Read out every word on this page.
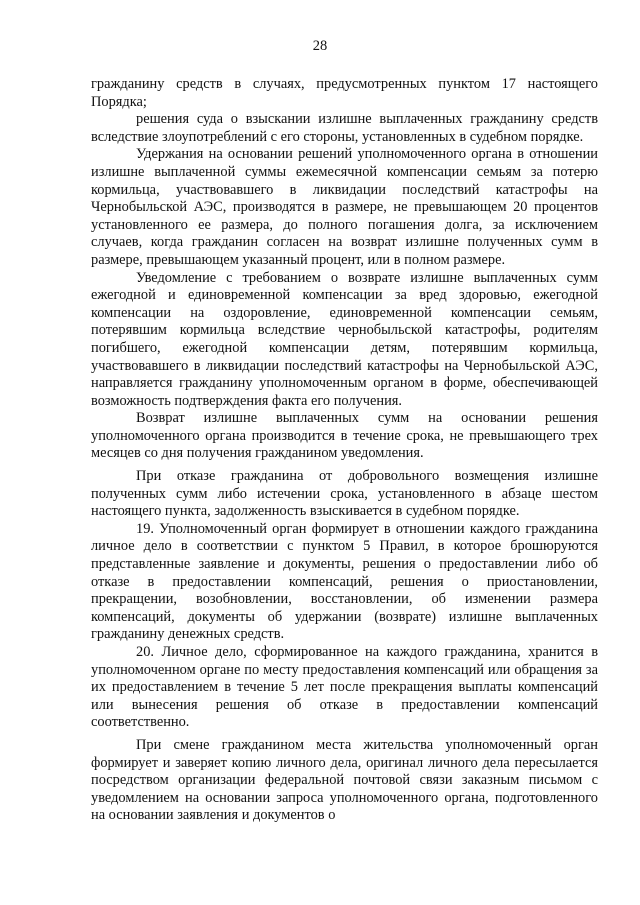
28

гражданину средств в случаях, предусмотренных пунктом 17 настоящего Порядка;

решения суда о взыскании излишне выплаченных гражданину средств вследствие злоупотреблений с его стороны, установленных в судебном порядке.

Удержания на основании решений уполномоченного органа в отношении излишне выплаченной суммы ежемесячной компенсации семьям за потерю кормильца, участвовавшего в ликвидации последствий катастрофы на Чернобыльской АЭС, производятся в размере, не превышающем 20 процентов установленного ее размера, до полного погашения долга, за исключением случаев, когда гражданин согласен на возврат излишне полученных сумм в размере, превышающем указанный процент, или в полном размере.

Уведомление с требованием о возврате излишне выплаченных сумм ежегодной и единовременной компенсации за вред здоровью, ежегодной компенсации на оздоровление, единовременной компенсации семьям, потерявшим кормильца вследствие чернобыльской катастрофы, родителям погибшего, ежегодной компенсации детям, потерявшим кормильца, участвовавшего в ликвидации последствий катастрофы на Чернобыльской АЭС, направляется гражданину уполномоченным органом в форме, обеспечивающей возможность подтверждения факта его получения.

Возврат излишне выплаченных сумм на основании решения уполномоченного органа производится в течение срока, не превышающего трех месяцев со дня получения гражданином уведомления.

При отказе гражданина от добровольного возмещения излишне полученных сумм либо истечении срока, установленного в абзаце шестом настоящего пункта, задолженность взыскивается в судебном порядке.

19. Уполномоченный орган формирует в отношении каждого гражданина личное дело в соответствии с пунктом 5 Правил, в которое брошюруются представленные заявление и документы, решения о предоставлении либо об отказе в предоставлении компенсаций, решения о приостановлении, прекращении, возобновлении, восстановлении, об изменении размера компенсаций, документы об удержании (возврате) излишне выплаченных гражданину денежных средств.

20. Личное дело, сформированное на каждого гражданина, хранится в уполномоченном органе по месту предоставления компенсаций или обращения за их предоставлением в течение 5 лет после прекращения выплаты компенсаций или вынесения решения об отказе в предоставлении компенсаций соответственно.

При смене гражданином места жительства уполномоченный орган формирует и заверяет копию личного дела, оригинал личного дела пересылается посредством организации федеральной почтовой связи заказным письмом с уведомлением на основании запроса уполномоченного органа, подготовленного на основании заявления и документов о
